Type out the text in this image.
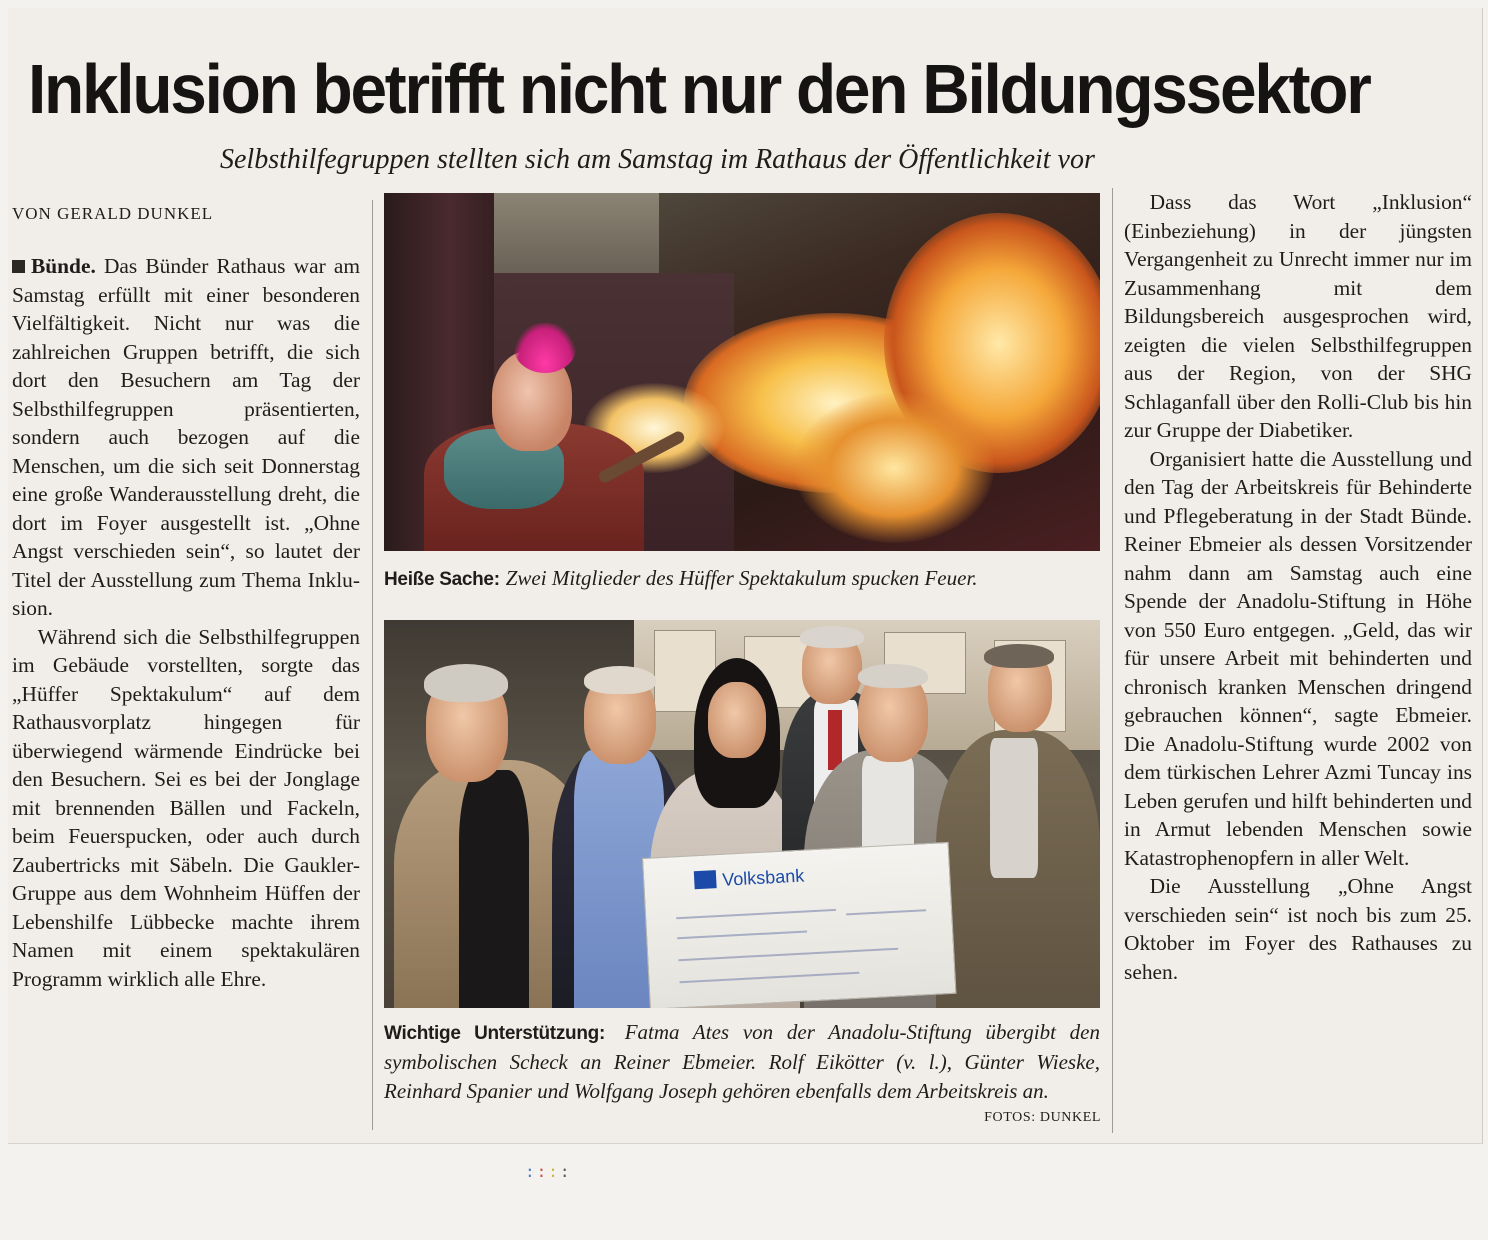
Inklusion betrifft nicht nur den Bildungssektor
Selbsthilfegruppen stellten sich am Samstag im Rathaus der Öffentlichkeit vor
VON GERALD DUNKEL

Bünde. Das Bünder Rathaus war am Samstag erfüllt mit einer besonderen Vielfältigkeit. Nicht nur was die zahlreichen Gruppen betrifft, die sich dort den Besuchern am Tag der Selbsthilfegruppen präsentierten, sondern auch bezogen auf die Menschen, um die sich seit Donnerstag eine große Wanderausstellung dreht, die dort im Foyer ausgestellt ist. „Ohne Angst verschieden sein“, so lautet der Titel der Ausstellung zum Thema Inklusion.

Während sich die Selbsthilfegruppen im Gebäude vorstellten, sorgte das „Hüffer Spektakulum“ auf dem Rathausvorplatz hingegen für überwiegend wärmende Eindrücke bei den Besuchern. Sei es bei der Jonglage mit brennenden Bällen und Fackeln, beim Feuerspucken, oder auch durch Zaubertricks mit Säbeln. Die Gaukler-Gruppe aus dem Wohnheim Hüffen der Lebenshilfe Lübbecke machte ihrem Namen mit einem spektakulären Programm wirklich alle Ehre.

Heiße Sache: Zwei Mitglieder des Hüffer Spektakulum spucken Feuer.
Volksbank
Wichtige Unterstützung: Fatma Ates von der Anadolu-Stiftung übergibt den symbolischen Scheck an Reiner Ebmeier. Rolf Eikötter (v. l.), Günter Wieske, Reinhard Spanier und Wolfgang Joseph gehören ebenfalls dem Arbeitskreis an.
FOTOS: DUNKEL

Dass das Wort „Inklusion“ (Einbeziehung) in der jüngsten Vergangenheit zu Unrecht immer nur im Zusammenhang mit dem Bildungsbereich ausgesprochen wird, zeigten die vielen Selbsthilfegruppen aus der Region, von der SHG Schlaganfall über den Rolli-Club bis hin zur Gruppe der Diabetiker.

Organisiert hatte die Ausstellung und den Tag der Arbeitskreis für Behinderte und Pflegeberatung in der Stadt Bünde. Reiner Ebmeier als dessen Vorsitzender nahm dann am Samstag auch eine Spende der Anadolu-Stiftung in Höhe von 550 Euro entgegen. „Geld, das wir für unsere Arbeit mit behinderten und chronisch kranken Menschen dringend gebrauchen können“, sagte Ebmeier. Die Anadolu-Stiftung wurde 2002 von dem türkischen Lehrer Azmi Tuncay ins Leben gerufen und hilft behinderten und in Armut lebenden Menschen sowie Katastrophenopfern in aller Welt.

Die Ausstellung „Ohne Angst verschieden sein“ ist noch bis zum 25. Oktober im Foyer des Rathauses zu sehen.

::::
